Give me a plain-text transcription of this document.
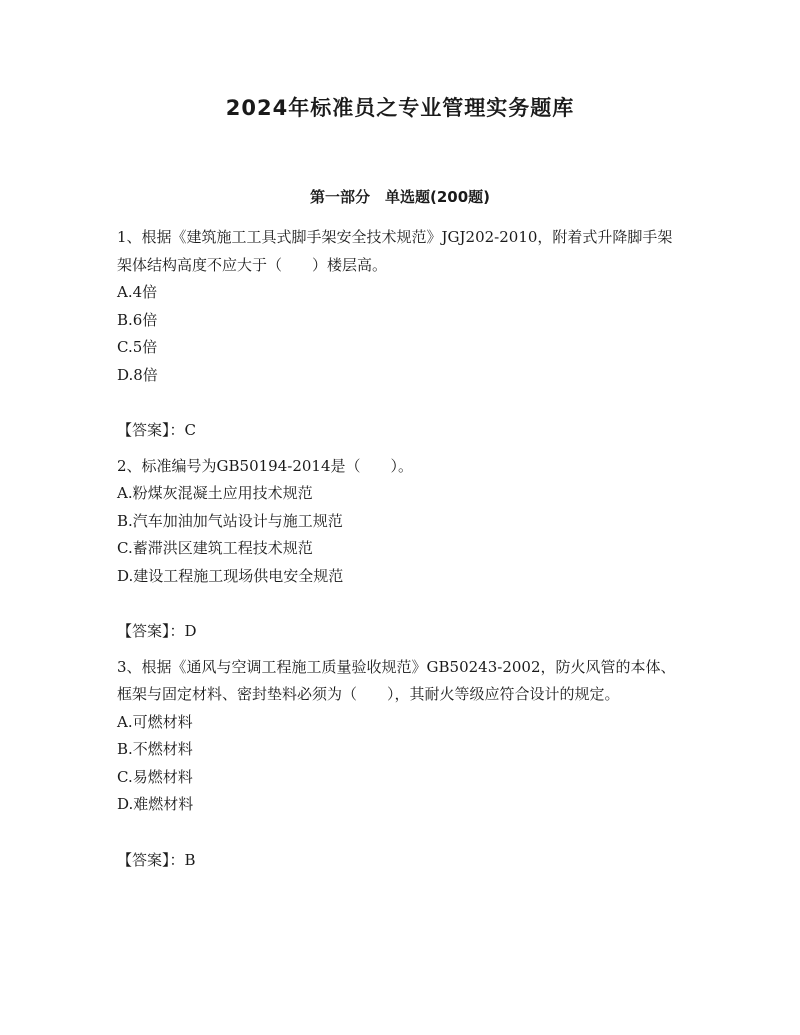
2024年标准员之专业管理实务题库
第一部分　单选题(200题)

1、根据《建筑施工工具式脚手架安全技术规范》JGJ202-2010，附着式升降脚手架架体结构高度不应大于（　　）楼层高。

A.4倍
B.6倍
C.5倍
D.8倍

【答案】：C

2、标准编号为GB50194-2014是（　　）。

A.粉煤灰混凝土应用技术规范
B.汽车加油加气站设计与施工规范
C.蓄滞洪区建筑工程技术规范
D.建设工程施工现场供电安全规范

【答案】：D

3、根据《通风与空调工程施工质量验收规范》GB50243-2002，防火风管的本体、框架与固定材料、密封垫料必须为（　　），其耐火等级应符合设计的规定。

A.可燃材料
B.不燃材料
C.易燃材料
D.难燃材料

【答案】：B
